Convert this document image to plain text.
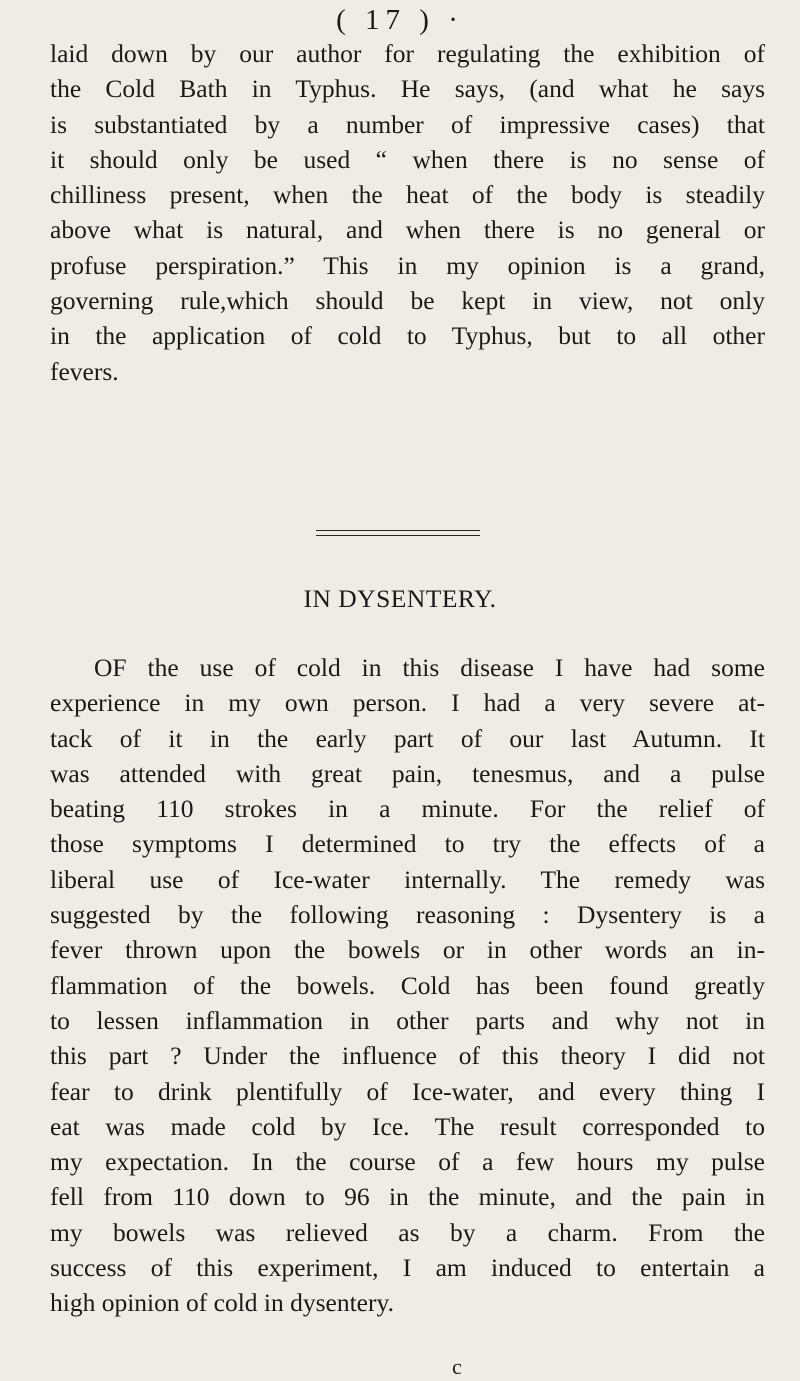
( 17 ) ·
laid down by our author for regulating the exhibition of
the Cold Bath in Typhus. He says, (and what he says
is substantiated by a number of impressive cases) that
it should only be used “ when there is no sense of
chilliness present, when the heat of the body is steadily
above what is natural, and when there is no general or
profuse perspiration.” This in my opinion is a grand,
governing rule,which should be kept in view, not only
in the application of cold to Typhus, but to all other
fevers.
IN DYSENTERY.
OF the use of cold in this disease I have had some
experience in my own person. I had a very severe at-
tack of it in the early part of our last Autumn. It
was attended with great pain, tenesmus, and a pulse
beating 110 strokes in a minute. For the relief of
those symptoms I determined to try the effects of a
liberal use of Ice-water internally. The remedy was
suggested by the following reasoning : Dysentery is a
fever thrown upon the bowels or in other words an in-
flammation of the bowels. Cold has been found greatly
to lessen inflammation in other parts and why not in
this part ? Under the influence of this theory I did not
fear to drink plentifully of Ice-water, and every thing I
eat was made cold by Ice. The result corresponded to
my expectation. In the course of a few hours my pulse
fell from 110 down to 96 in the minute, and the pain in
my bowels was relieved as by a charm. From the
success of this experiment, I am induced to entertain a
high opinion of cold in dysentery.
c
